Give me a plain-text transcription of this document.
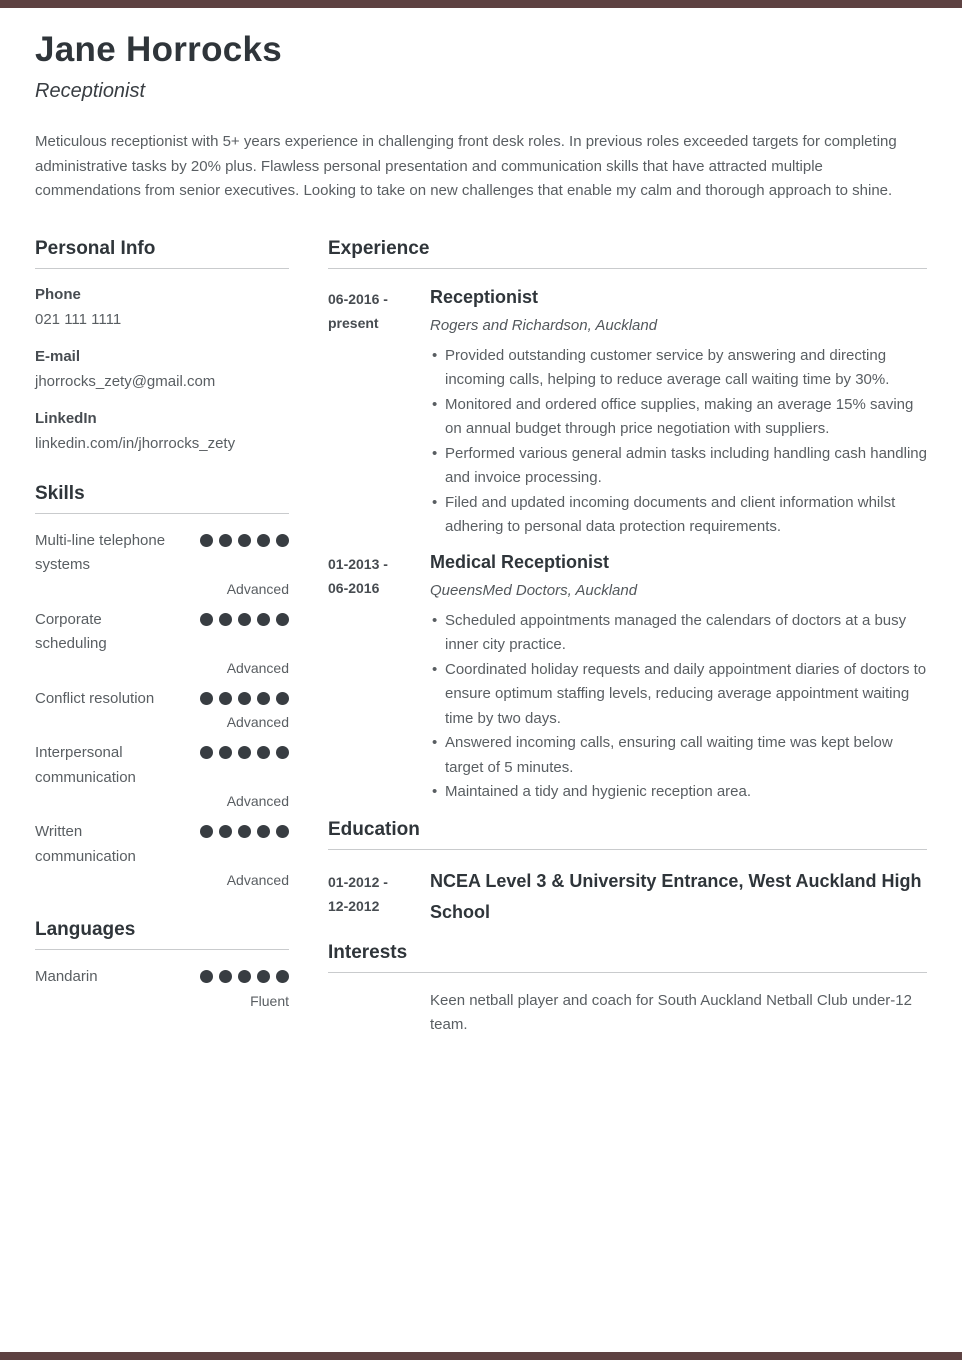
Jane Horrocks
Receptionist
Meticulous receptionist with 5+ years experience in challenging front desk roles. In previous roles exceeded targets for completing administrative tasks by 20% plus. Flawless personal presentation and communication skills that have attracted multiple commendations from senior executives. Looking to take on new challenges that enable my calm and thorough approach to shine.
Personal Info
Phone
021 111 1111
E-mail
jhorrocks_zety@gmail.com
LinkedIn
linkedin.com/in/jhorrocks_zety
Skills
Multi-line telephone systems
Advanced
Corporate scheduling
Advanced
Conflict resolution
Advanced
Interpersonal communication
Advanced
Written communication
Advanced
Languages
Mandarin
Fluent
Experience
06-2016 -
present
Receptionist
Rogers and Richardson, Auckland
• Provided outstanding customer service by answering and directing incoming calls, helping to reduce average call waiting time by 30%.
• Monitored and ordered office supplies, making an average 15% saving on annual budget through price negotiation with suppliers.
• Performed various general admin tasks including handling cash handling and invoice processing.
• Filed and updated incoming documents and client information whilst adhering to personal data protection requirements.
01-2013 -
06-2016
Medical Receptionist
QueensMed Doctors, Auckland
• Scheduled appointments managed the calendars of doctors at a busy inner city practice.
• Coordinated holiday requests and daily appointment diaries of doctors to ensure optimum staffing levels, reducing average appointment waiting time by two days.
• Answered incoming calls, ensuring call waiting time was kept below target of 5 minutes.
• Maintained a tidy and hygienic reception area.
Education
01-2012 -
12-2012
NCEA Level 3 & University Entrance, West Auckland High School
Interests
Keen netball player and coach for South Auckland Netball Club under-12 team.
